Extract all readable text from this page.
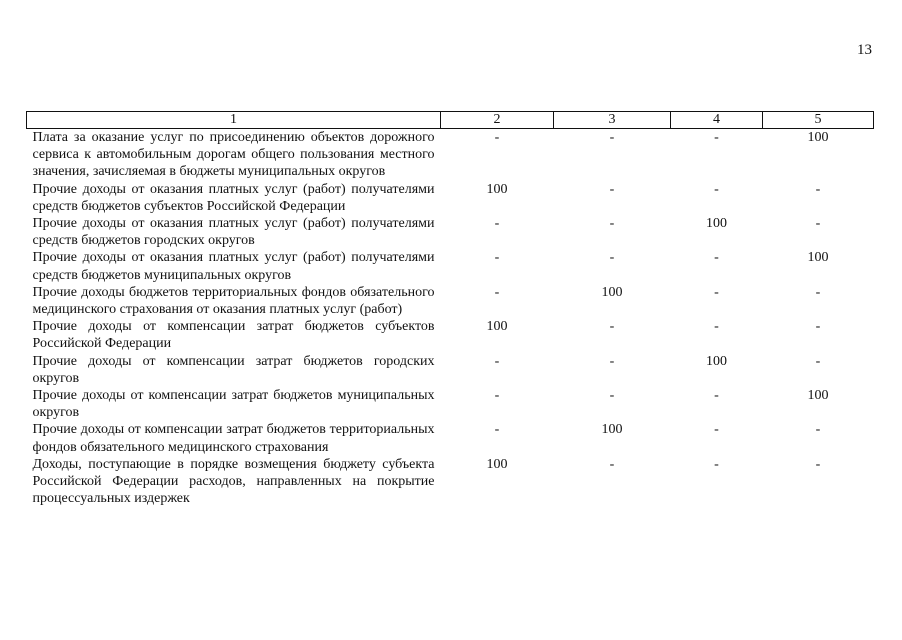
13
1	2	3	4	5
Плата за оказание услуг по присоединению объектов дорожного сервиса к автомобильным дорогам общего пользования местного значения, зачисляемая в бюджеты муниципальных округов	-	-	-	100
Прочие доходы от оказания платных услуг (работ) получателями средств бюджетов субъектов Российской Федерации	100	-	-	-
Прочие доходы от оказания платных услуг (работ) получателями средств бюджетов городских округов	-	-	100	-
Прочие доходы от оказания платных услуг (работ) получателями средств бюджетов муниципальных округов	-	-	-	100
Прочие доходы бюджетов территориальных фондов обязательного медицинского страхования от оказания платных услуг (работ)	-	100	-	-
Прочие доходы от компенсации затрат бюджетов субъектов Российской Федерации	100	-	-	-
Прочие доходы от компенсации затрат бюджетов городских округов	-	-	100	-
Прочие доходы от компенсации затрат бюджетов муниципальных округов	-	-	-	100
Прочие доходы от компенсации затрат бюджетов территориальных фондов обязательного медицинского страхования	-	100	-	-
Доходы, поступающие в порядке возмещения бюджету субъекта Российской Федерации расходов, направленных на покрытие процессуальных издержек	100	-	-	-
